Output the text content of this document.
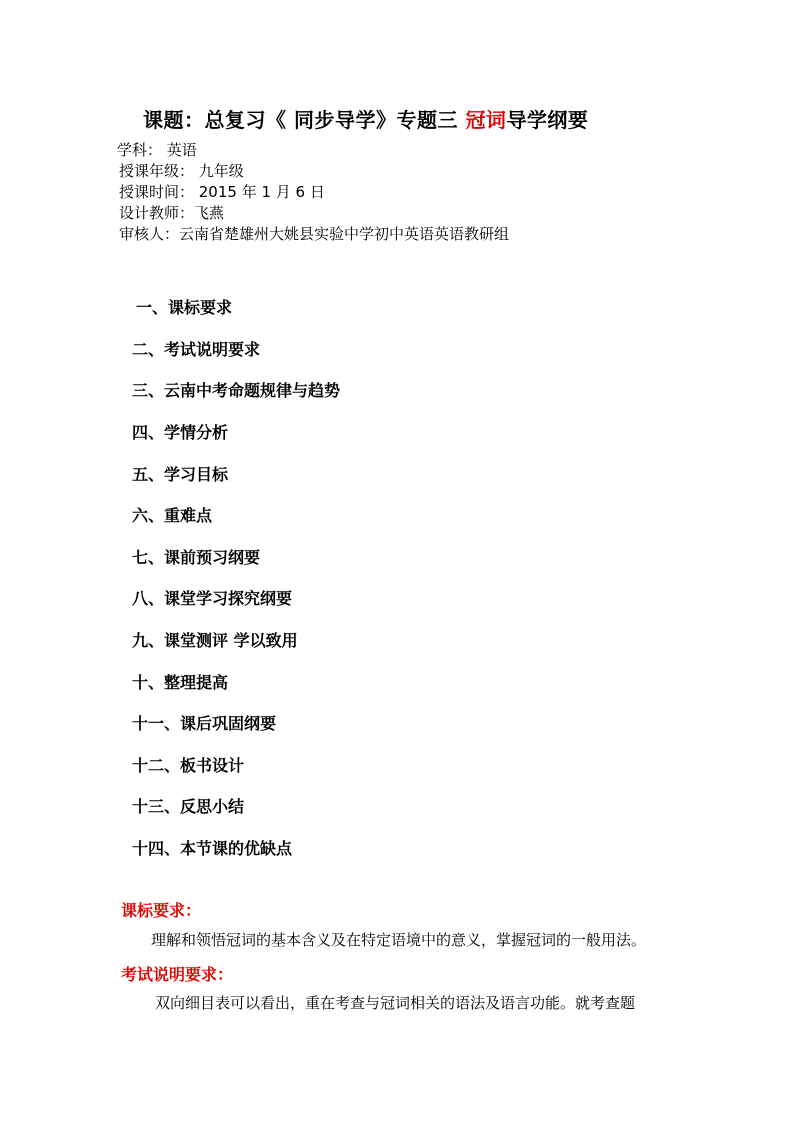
课题：总复习《 同步导学》专题三 冠词导学纲要
学科： 英语
授课年级： 九年级
授课时间： 2015 年 1 月 6 日
设计教师：飞燕
审核人：云南省楚雄州大姚县实验中学初中英语英语教研组
一、课标要求
二、考试说明要求
三、云南中考命题规律与趋势
四、学情分析
五、学习目标
六、重难点
七、课前预习纲要
八、课堂学习探究纲要
九、课堂测评 学以致用
十、整理提高
十一、课后巩固纲要
十二、板书设计
十三、反思小结
十四、本节课的优缺点
课标要求：
理解和领悟冠词的基本含义及在特定语境中的意义，掌握冠词的一般用法。
考试说明要求：
双向细目表可以看出，重在考查与冠词相关的语法及语言功能。就考查题
